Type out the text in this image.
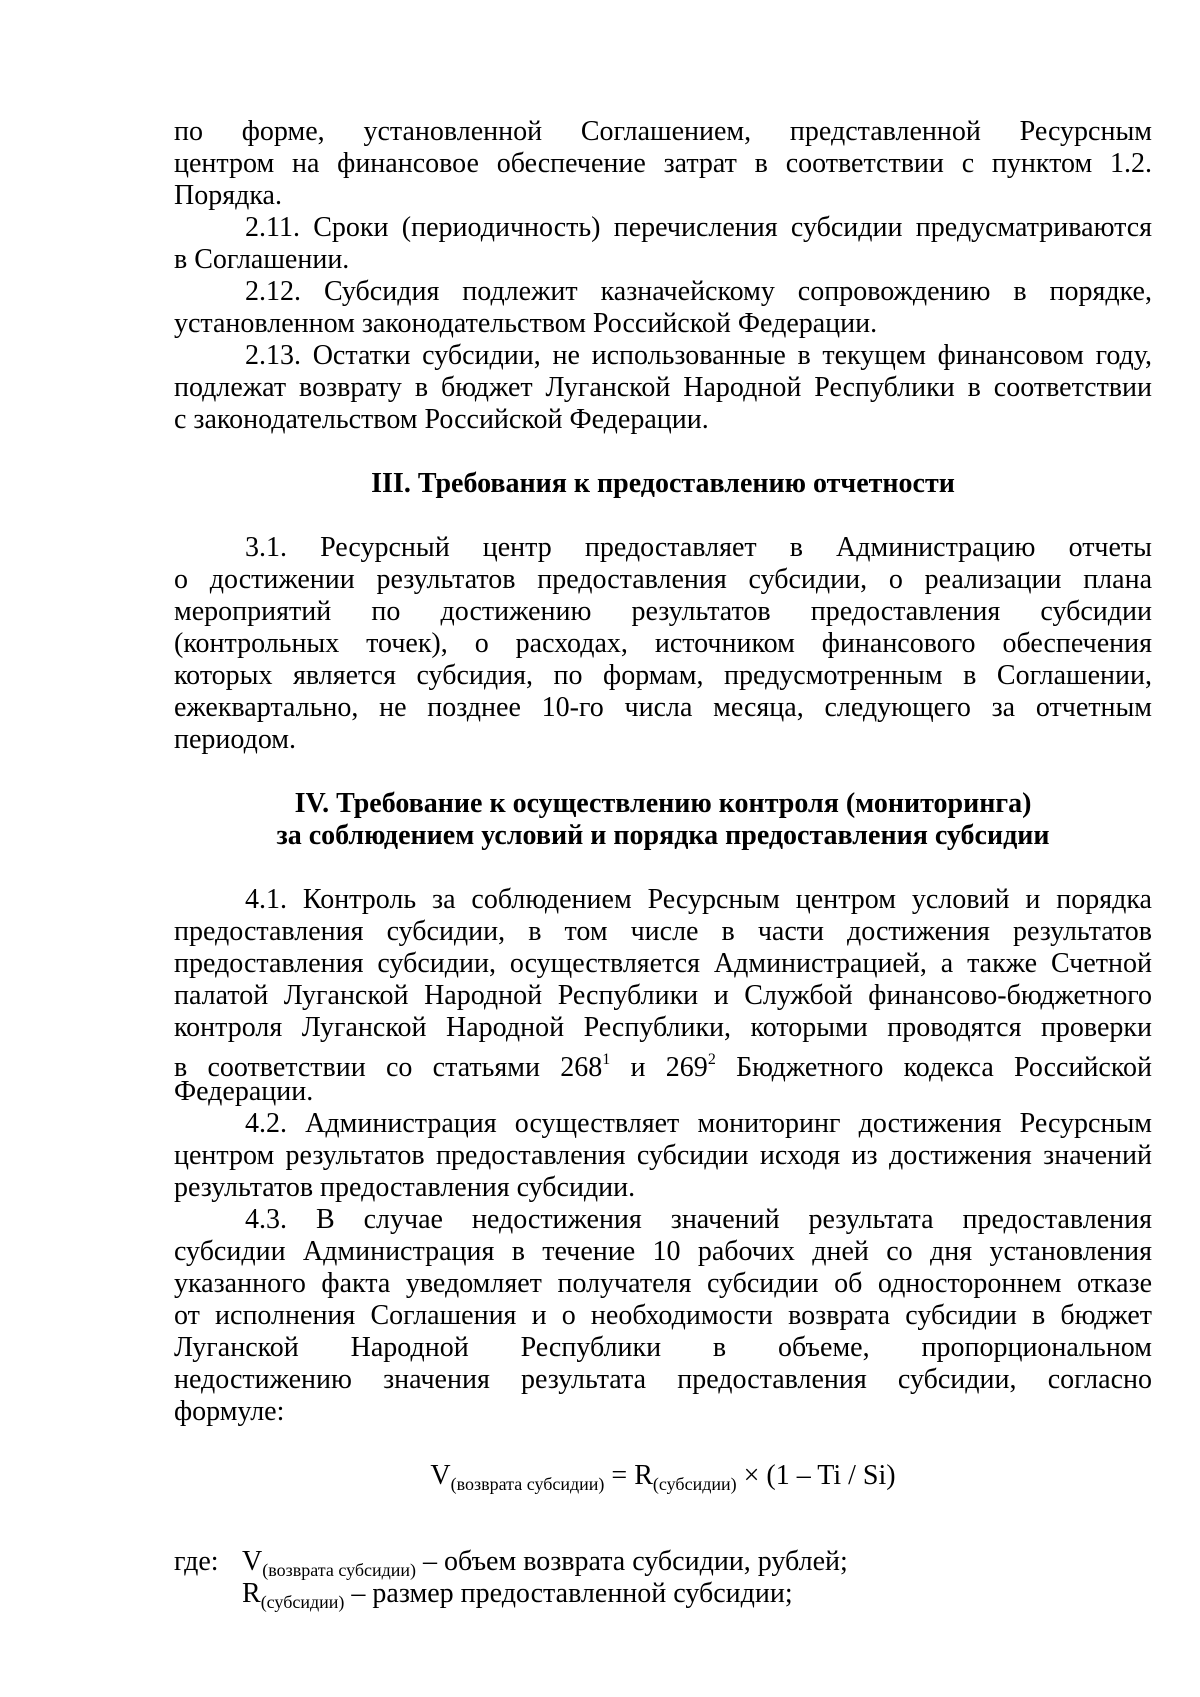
по форме, установленной Соглашением, представленной Ресурсным
центром на финансовое обеспечение затрат в соответствии с пунктом 1.2.
Порядка.
2.11. Сроки (периодичность) перечисления субсидии предусматриваются
в Соглашении.
2.12. Субсидия подлежит казначейскому сопровождению в порядке,
установленном законодательством Российской Федерации.
2.13. Остатки субсидии, не использованные в текущем финансовом году,
подлежат возврату в бюджет Луганской Народной Республики в соответствии
с законодательством Российской Федерации.
III. Требования к предоставлению отчетности
3.1. Ресурсный центр предоставляет в Администрацию отчеты
о достижении результатов предоставления субсидии, о реализации плана
мероприятий по достижению результатов предоставления субсидии
(контрольных точек), о расходах, источником финансового обеспечения
которых является субсидия, по формам, предусмотренным в Соглашении,
ежеквартально, не позднее 10-го числа месяца, следующего за отчетным
периодом.
IV. Требование к осуществлению контроля (мониторинга)
за соблюдением условий и порядка предоставления субсидии
4.1. Контроль за соблюдением Ресурсным центром условий и порядка
предоставления субсидии, в том числе в части достижения результатов
предоставления субсидии, осуществляется Администрацией, а также Счетной
палатой Луганской Народной Республики и Службой финансово-бюджетного
контроля Луганской Народной Республики, которыми проводятся проверки
в соответствии со статьями $268^1$ и $269^2$ Бюджетного кодекса Российской
Федерации.
4.2. Администрация осуществляет мониторинг достижения Ресурсным
центром результатов предоставления субсидии исходя из достижения значений
результатов предоставления субсидии.
4.3. В случае недостижения значений результата предоставления
субсидии Администрация в течение 10 рабочих дней со дня установления
указанного факта уведомляет получателя субсидии об одностороннем отказе
от исполнения Соглашения и о необходимости возврата субсидии в бюджет
Луганской Народной Республики в объеме, пропорциональном
недостижению значения результата предоставления субсидии, согласно
формуле:
$V_{(возврата субсидии)} = R_{(субсидии)} \times (1 - Ti / Si)$
где: $V_{(возврата субсидии)}$ – объем возврата субсидии, рублей;
$R_{(субсидии)}$ – размер предоставленной субсидии;
